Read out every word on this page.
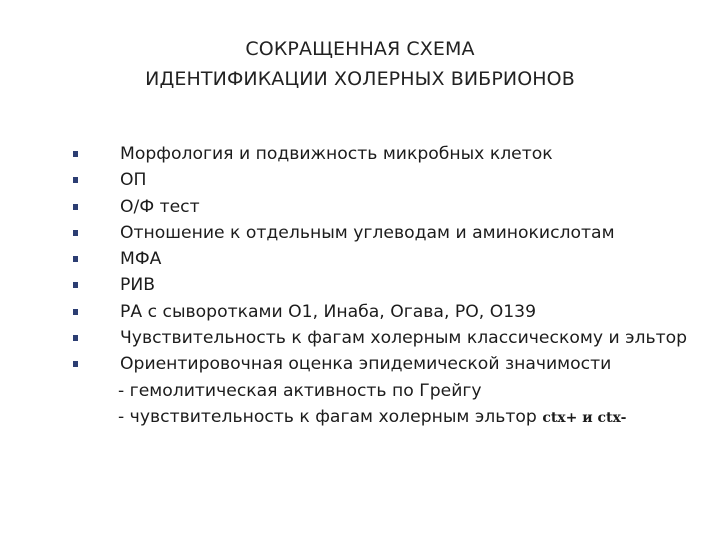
СОКРАЩЕННАЯ СХЕМА
ИДЕНТИФИКАЦИИ ХОЛЕРНЫХ ВИБРИОНОВ
Морфология и подвижность микробных клеток
ОП
О/Ф тест
Отношение к отдельным углеводам и аминокислотам
МФА
РИВ
РА с сыворотками О1, Инаба, Огава, РО, О139
Чувствительность к фагам холерным классическому и эльтор
Ориентировочная оценка эпидемической значимости
- гемолитическая активность по Грейгу
- чувствительность к фагам холерным эльтор ctx+ и ctx-
